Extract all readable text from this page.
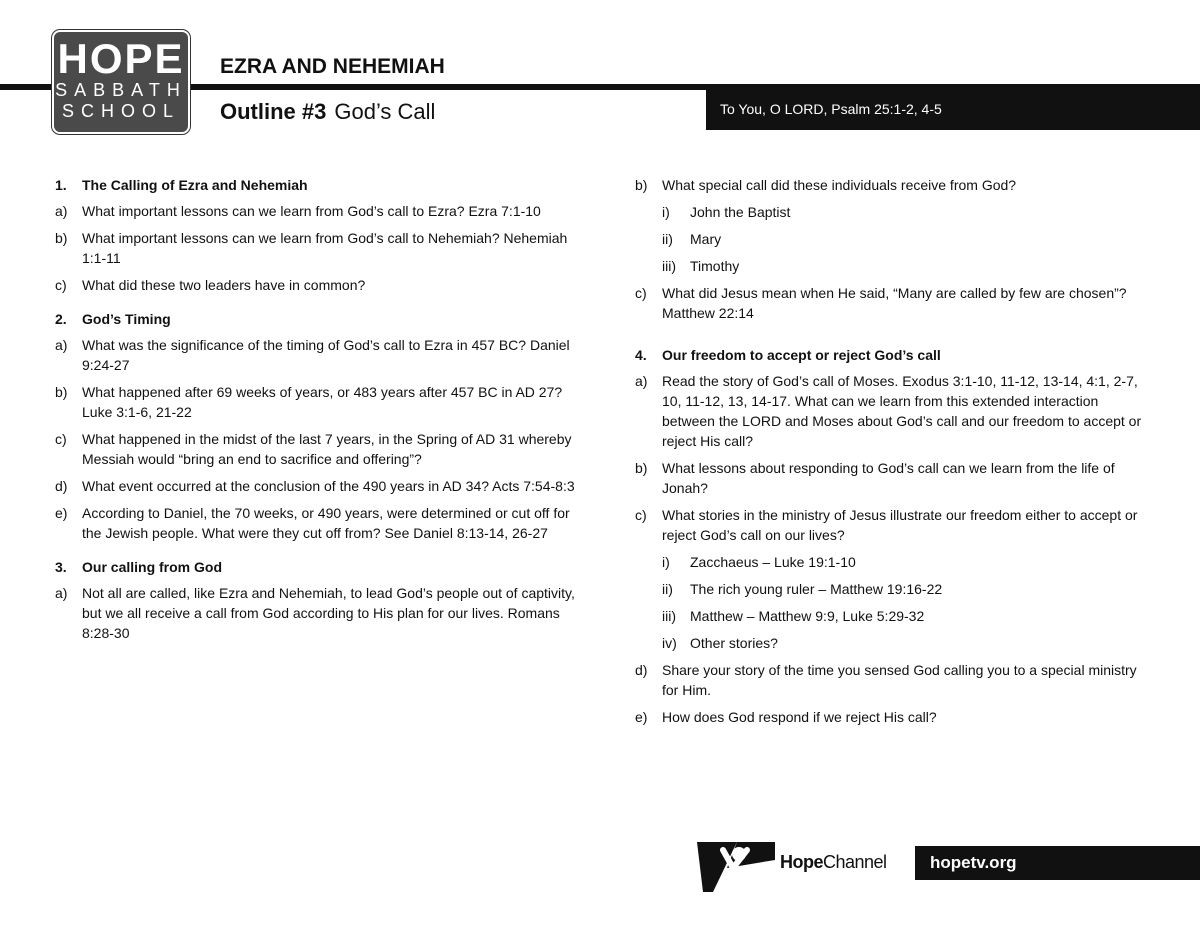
To You, O LORD, Psalm 25:1-2, 4-5
HOPE
SABBATH
SCHOOL
EZRA AND NEHEMIAH
Outline #3 God’s Call
1.	The Calling of Ezra and Nehemiah
a)	What important lessons can we learn from God’s call to Ezra? Ezra 7:1-10
b)	What important lessons can we learn from God’s call to Nehemiah? Nehemiah 1:1-11
c)	What did these two leaders have in common?
2.	God’s Timing
a)	What was the significance of the timing of God’s call to Ezra in 457 BC? Daniel 9:24-27
b)	What happened after 69 weeks of years, or 483 years after 457 BC in AD 27? Luke 3:1-6, 21-22
c)	What happened in the midst of the last 7 years, in the Spring of AD 31 whereby Messiah would “bring an end to sacrifice and offering”?
d)	What event occurred at the conclusion of the 490 years in AD 34? Acts 7:54-8:3
e)	According to Daniel, the 70 weeks, or 490 years, were determined or cut off for the Jewish people. What were they cut off from? See Daniel 8:13-14, 26-27
3.	Our calling from God
a)	Not all are called, like Ezra and Nehemiah, to lead God’s people out of captivity, but we all receive a call from God according to His plan for our lives. Romans 8:28-30
b)	What special call did these individuals receive from God?
i)	John the Baptist
ii)	Mary
iii)	Timothy
c)	What did Jesus mean when He said, “Many are called by few are chosen”? Matthew 22:14
4.	Our freedom to accept or reject God’s call
a)	Read the story of God’s call of Moses. Exodus 3:1-10, 11-12, 13-14, 4:1, 2-7, 10, 11-12, 13, 14-17. What can we learn from this extended interaction between the LORD and Moses about God’s call and our freedom to accept or reject His call?
b)	What lessons about responding to God’s call can we learn from the life of Jonah?
c)	What stories in the ministry of Jesus illustrate our freedom either to accept or reject God’s call on our lives?
i)	Zacchaeus – Luke 19:1-10
ii)	The rich young ruler – Matthew 19:16-22
iii)	Matthew – Matthew 9:9, Luke 5:29-32
iv) Other stories?
d)	Share your story of the time you sensed God calling you to a special ministry for Him.
e)	How does God respond if we reject His call?
HopeChannel	hopetv.org
